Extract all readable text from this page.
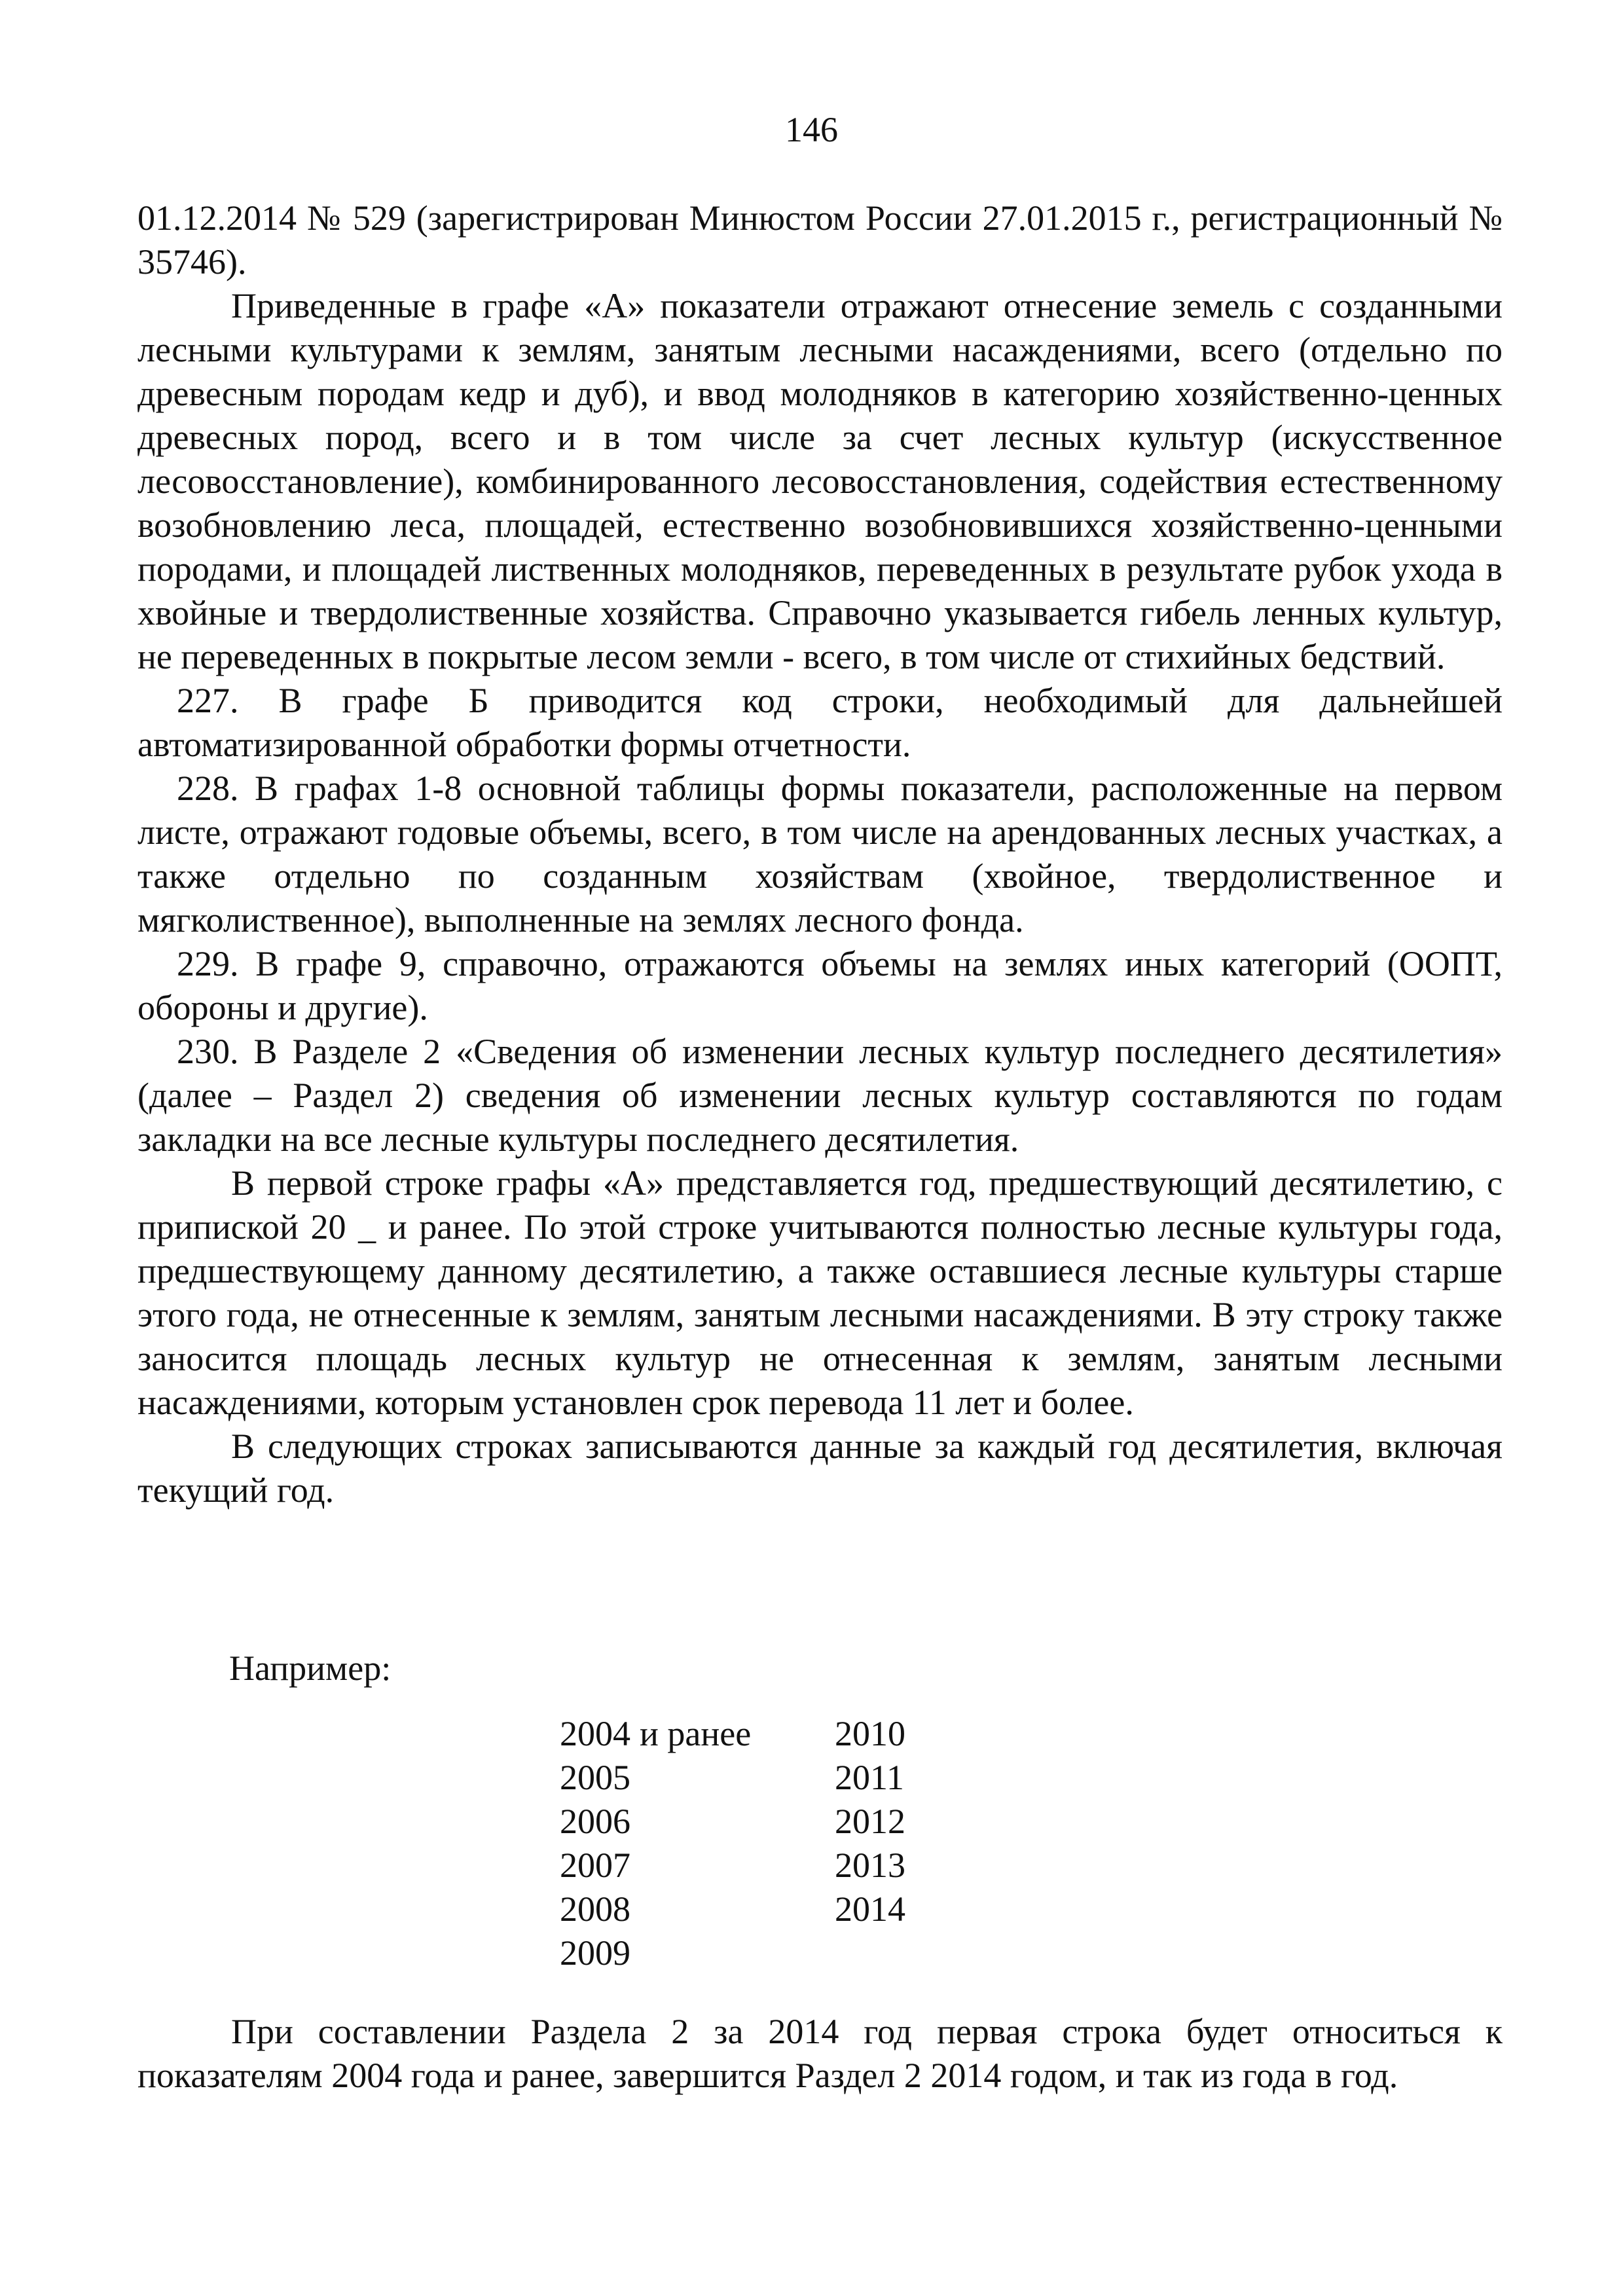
146

01.12.2014 № 529 (зарегистрирован Минюстом России 27.01.2015 г., регистрационный № 35746).

Приведенные в графе «А» показатели отражают отнесение земель с созданными лесными культурами к землям, занятым лесными насаждениями, всего (отдельно по древесным породам кедр и дуб), и ввод молодняков в категорию хозяйственно-ценных древесных пород, всего и в том числе за счет лесных культур (искусственное лесовосстановление), комбинированного лесовосстановления, содействия естественному возобновлению леса, площадей, естественно возобновившихся хозяйственно-ценными породами, и площадей лиственных молодняков, переведенных в результате рубок ухода в хвойные и твердолиственные хозяйства. Справочно указывается гибель ленных культур, не переведенных в покрытые лесом земли - всего, в том числе от стихийных бедствий.

227. В графе Б приводится код строки, необходимый для дальнейшей автоматизированной обработки формы отчетности.

228. В графах 1-8 основной таблицы формы показатели, расположенные на первом листе, отражают годовые объемы, всего, в том числе на арендованных лесных участках, а также отдельно по созданным хозяйствам (хвойное, твердолиственное и мягколиственное), выполненные на землях лесного фонда.

229. В графе 9, справочно, отражаются объемы на землях иных категорий (ООПТ, обороны и другие).

230. В Разделе 2 «Сведения об изменении лесных культур последнего десятилетия» (далее – Раздел 2) сведения об изменении лесных культур составляются по годам закладки на все лесные культуры последнего десятилетия.

В первой строке графы «А» представляется год, предшествующий десятилетию, с припиской 20 _ и ранее. По этой строке учитываются полностью лесные культуры года, предшествующему данному десятилетию, а также оставшиеся лесные культуры старше этого года, не отнесенные к землям, занятым лесными насаждениями. В эту строку также заносится площадь лесных культур не отнесенная к землям, занятым лесными насаждениями, которым установлен срок перевода 11 лет и более.

В следующих строках записываются данные за каждый год десятилетия, включая текущий год.

Например:
2004 и ранее
2005
2006
2007
2008
2009
2010
2011
2012
2013
2014

При составлении Раздела 2 за 2014 год первая строка будет относиться к показателям 2004 года и ранее, завершится Раздел 2 2014 годом, и так из года в год.
